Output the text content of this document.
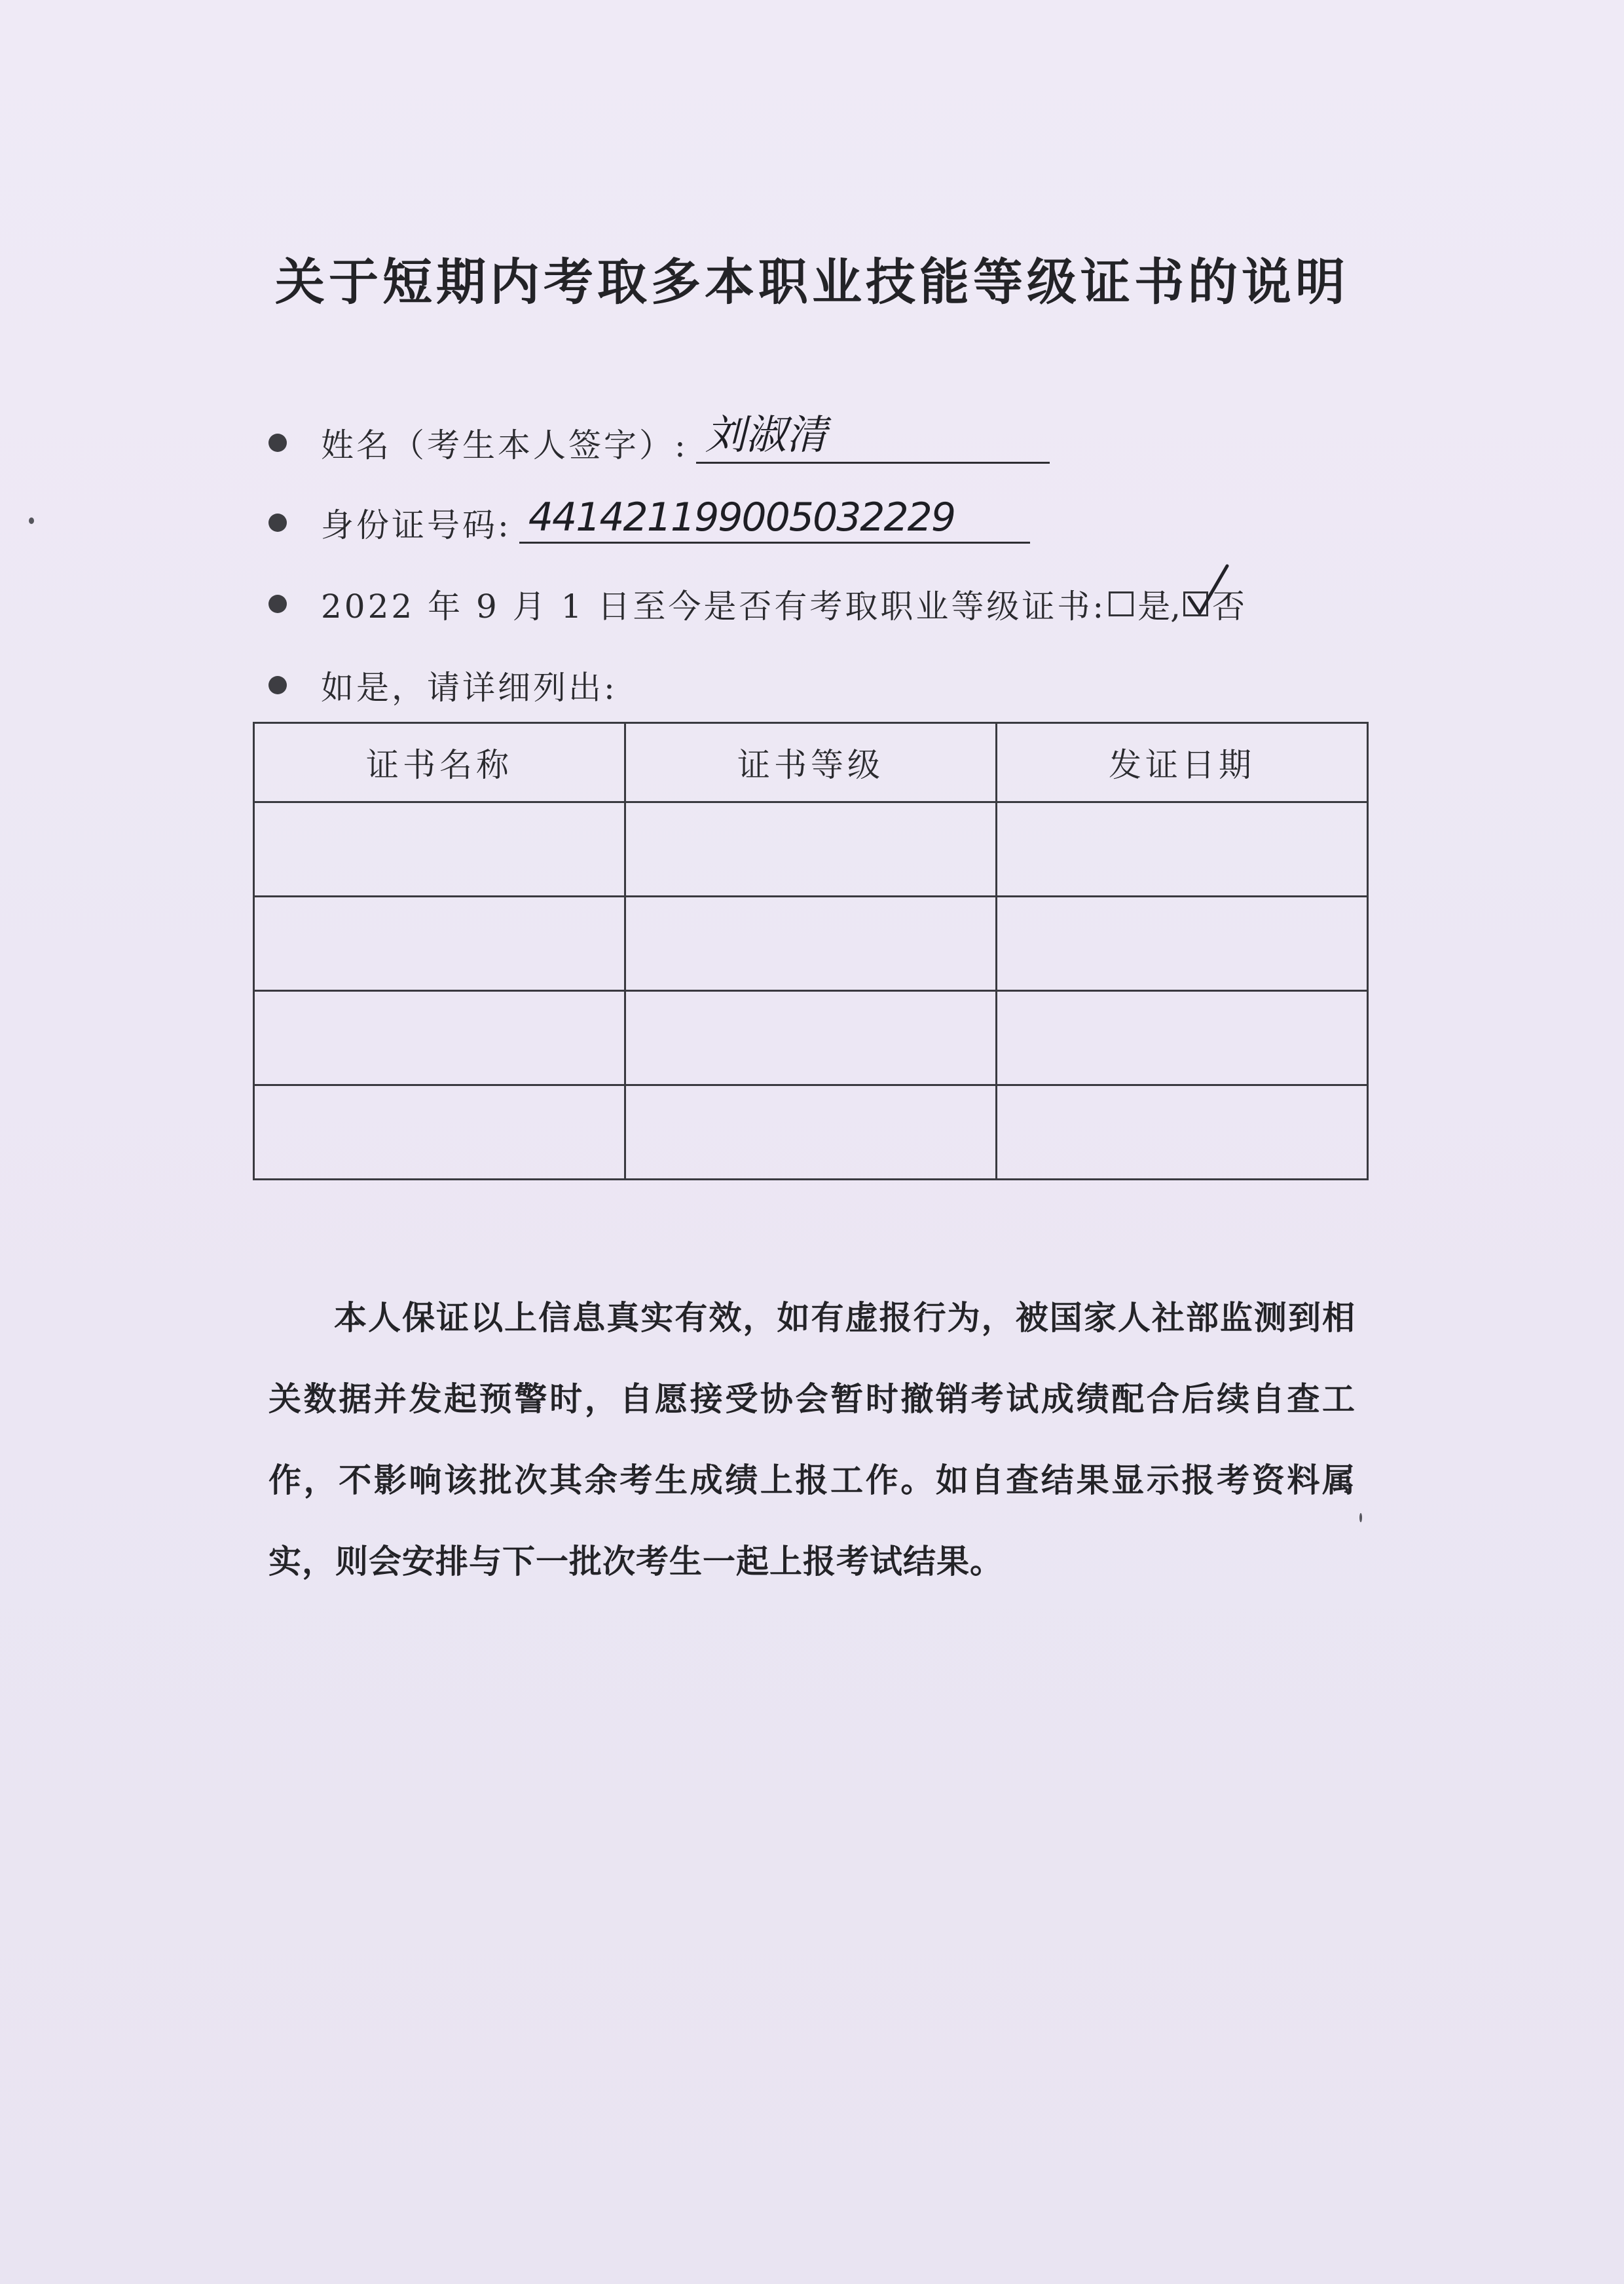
关于短期内考取多本职业技能等级证书的说明
姓名（考生本人签字）: 刘淑清
身份证号码: 441421199005032229
2022 年 9 月 1 日至今是否有考取职业等级证书: 是, 否
如是，请详细列出:
证书名称	证书等级	发证日期

本人保证以上信息真实有效，如有虚报行为，被国家人社部监测到相关数据并发起预警时，自愿接受协会暂时撤销考试成绩配合后续自查工作，不影响该批次其余考生成绩上报工作。如自查结果显示报考资料属实，则会安排与下一批次考生一起上报考试结果。
